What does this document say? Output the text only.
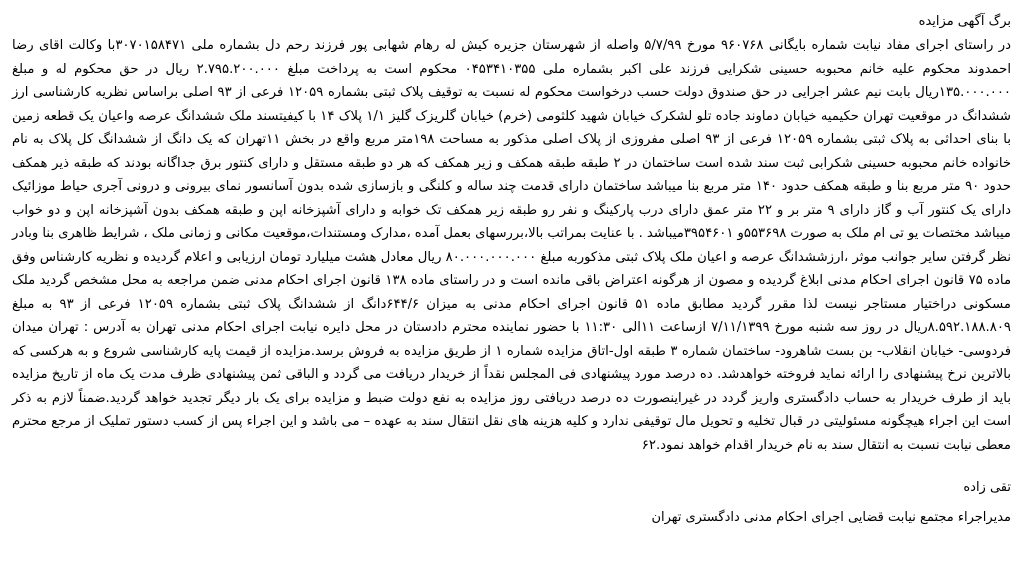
برگ آگهی مزایده

در راستای اجرای مفاد نیابت شماره بایگانی ۹۶۰۷۶۸ مورخ ۵/۷/۹۹ واصله از شهرستان جزیره کیش له رهام شهابی پور فرزند رحم دل بشماره ملی ۳۰۷۰۱۵۸۴۷۱با وکالت اقای رضا احمدوند محکوم علیه خانم محبوبه حسینی شکرایی فرزند علی اکبر بشماره ملی ۰۴۵۳۴۱۰۳۵۵ محکوم است به پرداخت مبلغ ۲.۷۹۵.۲۰۰.۰۰۰ ریال در حق محکوم له و مبلغ ۱۳۵.۰۰۰.۰۰۰ریال بابت نیم عشر اجرایی در حق صندوق دولت حسب درخواست محکوم له نسبت به توقیف پلاک ثبتی بشماره ۱۲۰۵۹ فرعی از ۹۳ اصلی براساس نظریه کارشناسی ارز ششدانگ در موقعیت تهران حکیمیه خیابان دماوند جاده تلو لشکرک خیابان شهید کلثومی (خرم) خیابان گلریزک گلیز ۱/۱ پلاک ۱۴ با کیفیتسند ملک ششدانگ عرصه واعیان یک قطعه زمین با بنای احداثی به پلاک ثبتی بشماره ۱۲۰۵۹ فرعی از ۹۳ اصلی مفروزی از پلاک اصلی مذکور به مساحت ۱۹۸متر مربع واقع در بخش ۱۱تهران که یک دانگ از ششدانگ کل پلاک به نام خانواده خانم محبوبه حسینی شکرابی ثبت سند شده است ساختمان در ۲ طبقه طبقه همکف و زیر همکف که هر دو طبقه مستقل و دارای کنتور برق جداگانه بودند که طبقه ذیر همکف حدود ۹۰ متر مربع بنا و طبقه همکف حدود ۱۴۰ متر مربع بنا میباشد ساختمان دارای قدمت چند ساله و کلنگی و بازسازی شده بدون آسانسور نمای بیرونی و درونی آجری حیاط موزائیک دارای یک کنتور آب و گاز دارای ۹ متر بر و ۲۲ متر عمق دارای درب پارکینگ و نفر رو طبقه زیر همکف تک خوابه و دارای آشپزخانه اپن و طبقه همکف بدون آشپزخانه اپن و دو خواب میباشد مختصات یو تی ام ملک به صورت ۵۵۳۶۹۸و ۳۹۵۴۶۰۱میباشد . با عنایت بمراتب بالا،بررسهای بعمل آمده ،مدارک ومستندات،موقعیت مکانی و زمانی ملک ، شرایط ظاهری بنا وبادر نظر گرفتن سایر جوانب موثر ،ارزششدانگ عرصه و اعیان ملک پلاک ثبتی مذکوربه مبلغ ۸۰.۰۰۰.۰۰۰.۰۰۰ ریال معادل هشت میلیارد تومان ارزیابی و اعلام گردیده و نظریه کارشناس وفق ماده ۷۵ قانون اجرای احکام مدنی ابلاغ گردیده و مصون از هرگونه اعتراض باقی مانده است و در راستای ماده ۱۳۸ قانون اجرای احکام مدنی ضمن مراجعه به محل مشخص گردید ملک مسکونی دراختیار مستاجر نیست لذا مقرر گردید مطابق ماده ۵۱ قانون اجرای احکام مدنی به میزان ۶۴۴/۶دانگ از ششدانگ پلاک ثبتی بشماره ۱۲۰۵۹ فرعی از ۹۳ به مبلغ ۸.۵۹۲.۱۸۸.۸۰۹ریال در روز سه شنبه مورخ ۷/۱۱/۱۳۹۹ ازساعت ۱۱الی ۱۱:۳۰ با حضور نماینده محترم دادستان در محل دایره نیابت اجرای احکام مدنی تهران به آدرس : تهران میدان فردوسی- خیابان انقلاب- بن بست شاهرود- ساختمان شماره ۳ طبقه اول-اتاق مزایده شماره ۱ از طریق مزایده به فروش برسد.مزایده از قیمت پایه کارشناسی شروع و به هرکسی که بالاترین نرخ پیشنهادی را ارائه نماید فروخته خواهدشد. ده درصد مورد پیشنهادی فی المجلس نقداً از خریدار دریافت می گردد و الباقی ثمن پیشنهادی ظرف مدت یک ماه از تاریخ مزایده باید از طرف خریدار به حساب دادگستری واریز گردد در غیراینصورت ده درصد دریافتی روز مزایده به نفع دولت ضبط و مزایده برای یک بار دیگر تجدید خواهد گردید.ضمناً لازم به ذکر است این اجراء هیچگونه مسئولیتی در قبال تخلیه و تحویل مال توقیفی ندارد و کلیه هزینه های نقل انتقال سند به عهده – می باشد و این اجراء پس از کسب دستور تملیک از مرجع محترم معطی نیابت نسبت به انتقال سند به نام خریدار اقدام خواهد نمود.۶۲

تقی زاده
مدیراجراء مجتمع نیابت قضایی اجرای احکام مدنی دادگستری تهران
